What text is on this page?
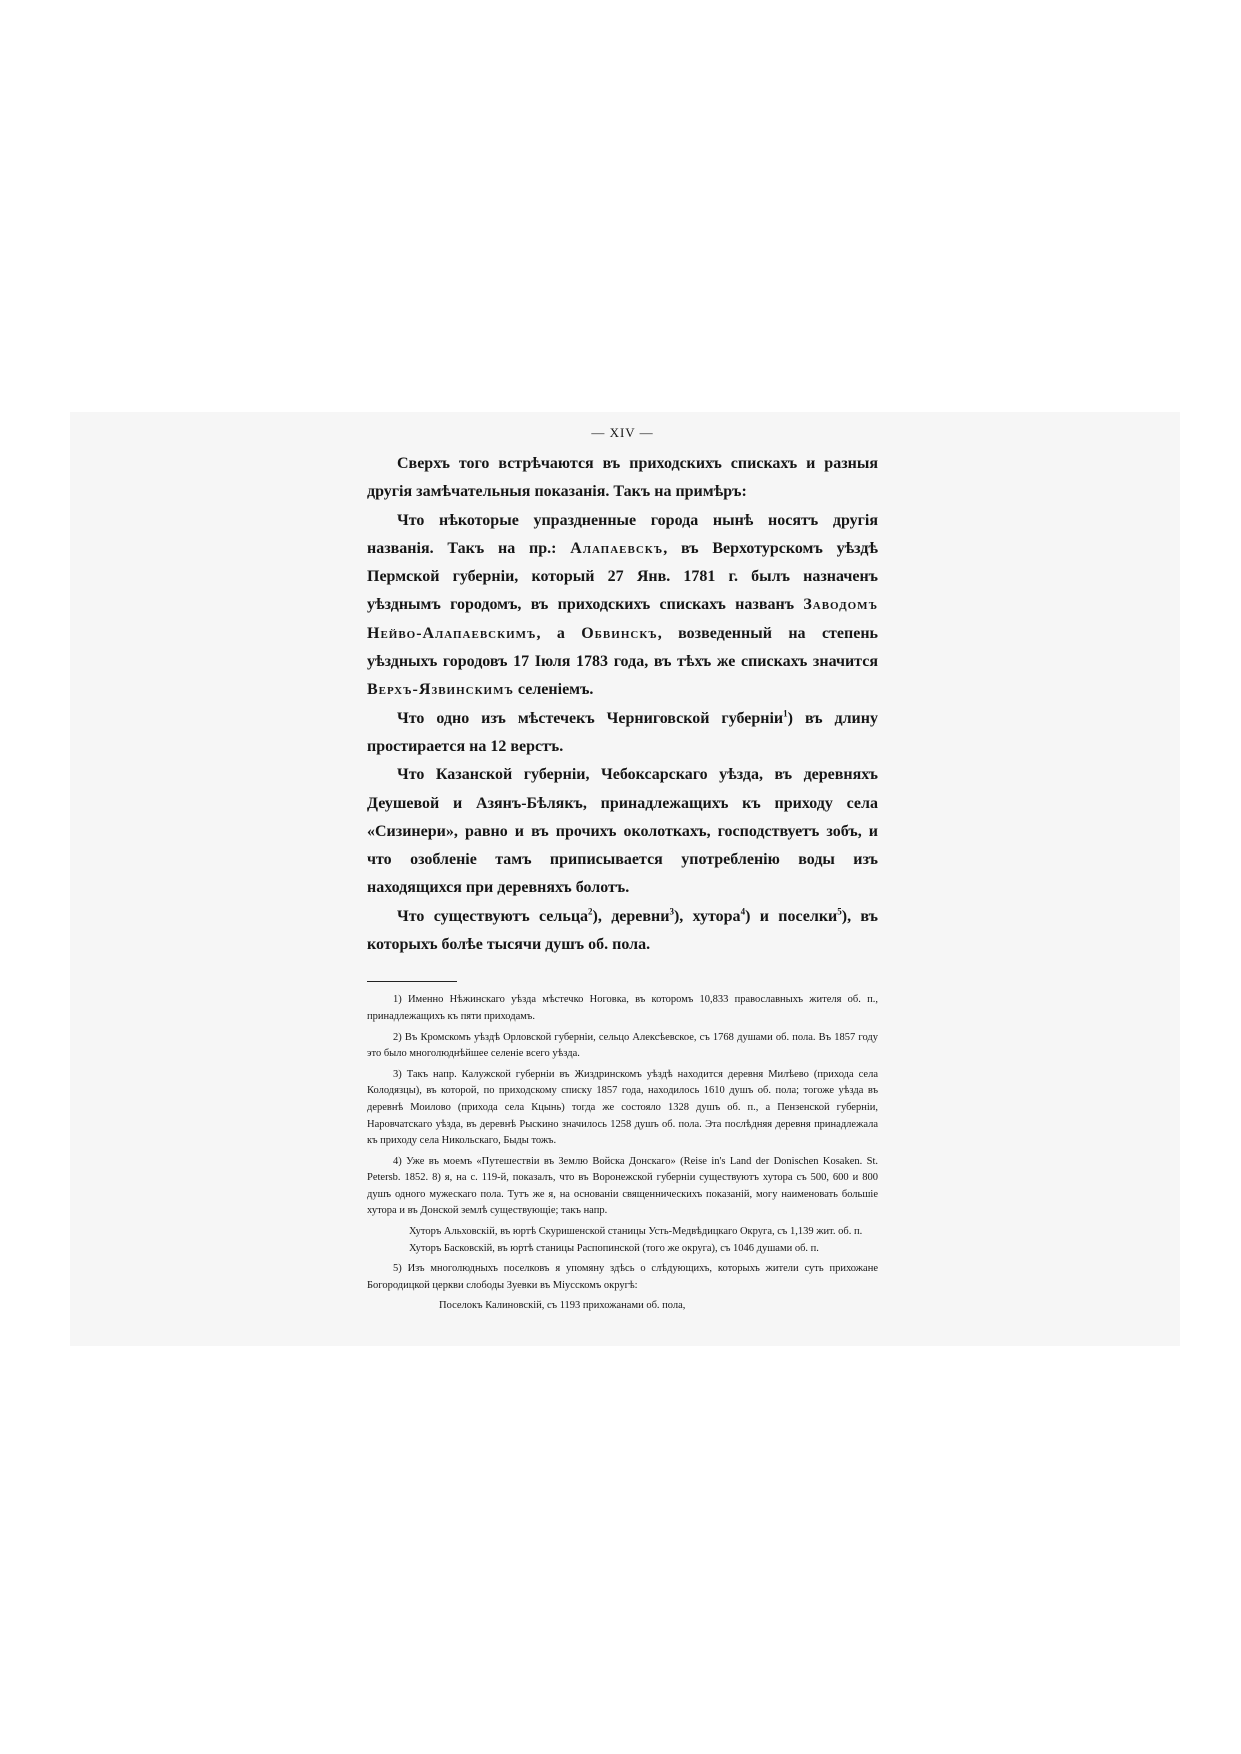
— XIV —

Сверхъ того встрѣчаются въ приходскихъ спискахъ и разныя другія замѣчательныя показанія. Такъ на примѣръ:

Что нѣкоторые упраздненные города нынѣ носятъ другія названія. Такъ на пр.: Алапаевскъ, въ Верхотурскомъ уѣздѣ Пермской губерніи, который 27 Янв. 1781 г. былъ назначенъ уѣзднымъ городомъ, въ приходскихъ спискахъ названъ Заводомъ Нейво-Алапаевскимъ, а Обвинскъ, возведенный на степень уѣздныхъ городовъ 17 Іюля 1783 года, въ тѣхъ же спискахъ значится Верхъ-Язвинскимъ селеніемъ.

Что одно изъ мѣстечекъ Черниговской губерніи$^1$) въ длину простирается на 12 верстъ.

Что Казанской губерніи, Чебоксарскаго уѣзда, въ деревняхъ Деушевой и Азянъ-Бѣлякъ, принадлежащихъ къ приходу села «Сизинери», равно и въ прочихъ околоткахъ, господствуетъ зобъ, и что озобленіе тамъ приписывается употребленію воды изъ находящихся при деревняхъ болотъ.

Что существуютъ сельца$^2$), деревни$^3$), хутора$^4$) и поселки$^5$), въ которыхъ болѣе тысячи душъ об. пола.

1) Именно Нѣжинскаго уѣзда мѣстечко Ноговка, въ которомъ 10,833 православныхъ жителя об. п., принадлежащихъ къ пяти приходамъ.

2) Въ Кромскомъ уѣздѣ Орловской губерніи, сельцо Алексѣевское, съ 1768 душами об. пола. Въ 1857 году это было многолюднѣйшее селеніе всего уѣзда.

3) Такъ напр. Калужской губерніи въ Жиздринскомъ уѣздѣ находится деревня Милѣево (прихода села Колодязцы), въ которой, по приходскому списку 1857 года, находилось 1610 душъ об. пола; тогоже уѣзда въ деревнѣ Моилово (прихода села Кцынь) тогда же состояло 1328 душъ об. п., а Пензенской губерніи, Наровчатскаго уѣзда, въ деревнѣ Рыскино значилось 1258 душъ об. пола. Эта послѣдняя деревня принадлежала къ приходу села Никольскаго, Быды тожъ.

4) Уже въ моемъ «Путешествіи въ Землю Войска Донскаго» (Reise in's Land der Donischen Kosaken. St. Petersb. 1852. 8) я, на с. 119-й, показалъ, что въ Воронежской губерніи существуютъ хутора съ 500, 600 и 800 душъ одного мужескаго пола. Тутъ же я, на основаніи священническихъ показаній, могу наименовать большіе хутора и въ Донской землѣ существующіе; такъ напр.

Хуторъ Альховскій, въ юртѣ Скуришенской станицы Усть-Медвѣдицкаго Округа, съ 1,139 жит. об. п.

Хуторъ Басковскій, въ юртѣ станицы Распопинской (того же округа), съ 1046 душами об. п.

5) Изъ многолюдныхъ поселковъ я упомяну здѣсь о слѣдующихъ, которыхъ жители суть прихожане Богородицкой церкви слободы Зуевки въ Міусскомъ округѣ:

Поселокъ Калиновскій, съ 1193 прихожанами об. пола,
